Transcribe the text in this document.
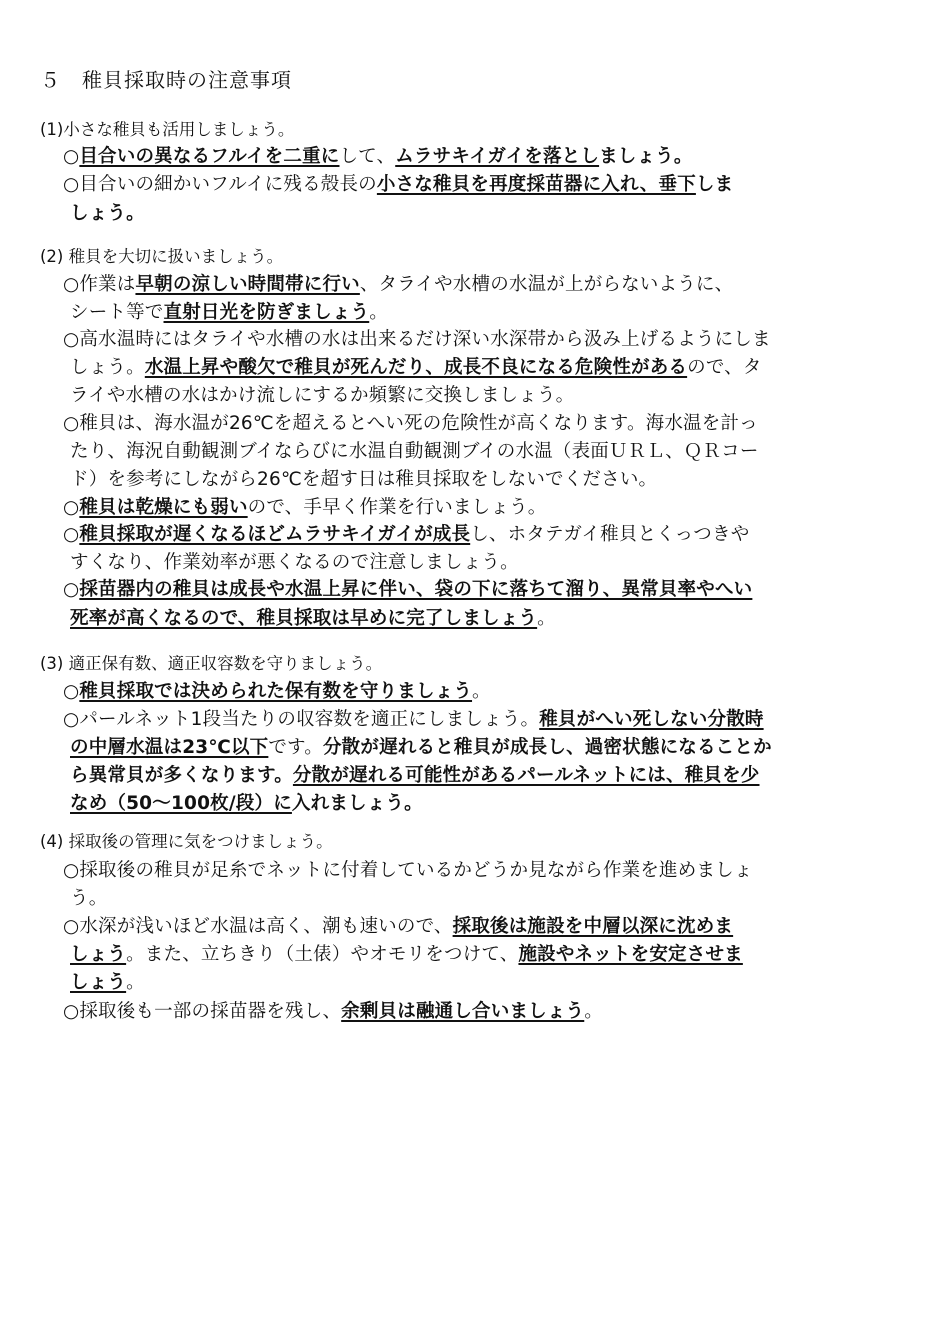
５　稚貝採取時の注意事項
(1)小さな稚貝も活用しましょう。
○目合いの異なるフルイを二重にして、ムラサキイガイを落としましょう。
○目合いの細かいフルイに残る殻長の小さな稚貝を再度採苗器に入れ、垂下しま
しょう。
(2) 稚貝を大切に扱いましょう。
○作業は早朝の涼しい時間帯に行い、タライや水槽の水温が上がらないように、
シート等で直射日光を防ぎましょう。
○高水温時にはタライや水槽の水は出来るだけ深い水深帯から汲み上げるようにしま
しょう。水温上昇や酸欠で稚貝が死んだり、成長不良になる危険性があるので、タ
ライや水槽の水はかけ流しにするか頻繁に交換しましょう。
○稚貝は、海水温が26℃を超えるとへい死の危険性が高くなります。海水温を計っ
たり、海況自動観測ブイならびに水温自動観測ブイの水温（表面ＵＲＬ、ＱＲコー
ド）を参考にしながら26℃を超す日は稚貝採取をしないでください。
○稚貝は乾燥にも弱いので、手早く作業を行いましょう。
○稚貝採取が遅くなるほどムラサキイガイが成長し、ホタテガイ稚貝とくっつきや
すくなり、作業効率が悪くなるので注意しましょう。
○採苗器内の稚貝は成長や水温上昇に伴い、袋の下に落ちて溜り、異常貝率やへい
死率が高くなるので、稚貝採取は早めに完了しましょう。
(3) 適正保有数、適正収容数を守りましょう。
○稚貝採取では決められた保有数を守りましょう。
○パールネット1段当たりの収容数を適正にしましょう。稚貝がへい死しない分散時
の中層水温は23℃以下です。分散が遅れると稚貝が成長し、過密状態になることか
ら異常貝が多くなります。分散が遅れる可能性があるパールネットには、稚貝を少
なめ（50～100枚/段）に入れましょう。
(4) 採取後の管理に気をつけましょう。
○採取後の稚貝が足糸でネットに付着しているかどうか見ながら作業を進めましょ
う。
○水深が浅いほど水温は高く、潮も速いので、採取後は施設を中層以深に沈めま
しょう。また、立ちきり（土俵）やオモリをつけて、施設やネットを安定させま
しょう。
○採取後も一部の採苗器を残し、余剰貝は融通し合いましょう。
